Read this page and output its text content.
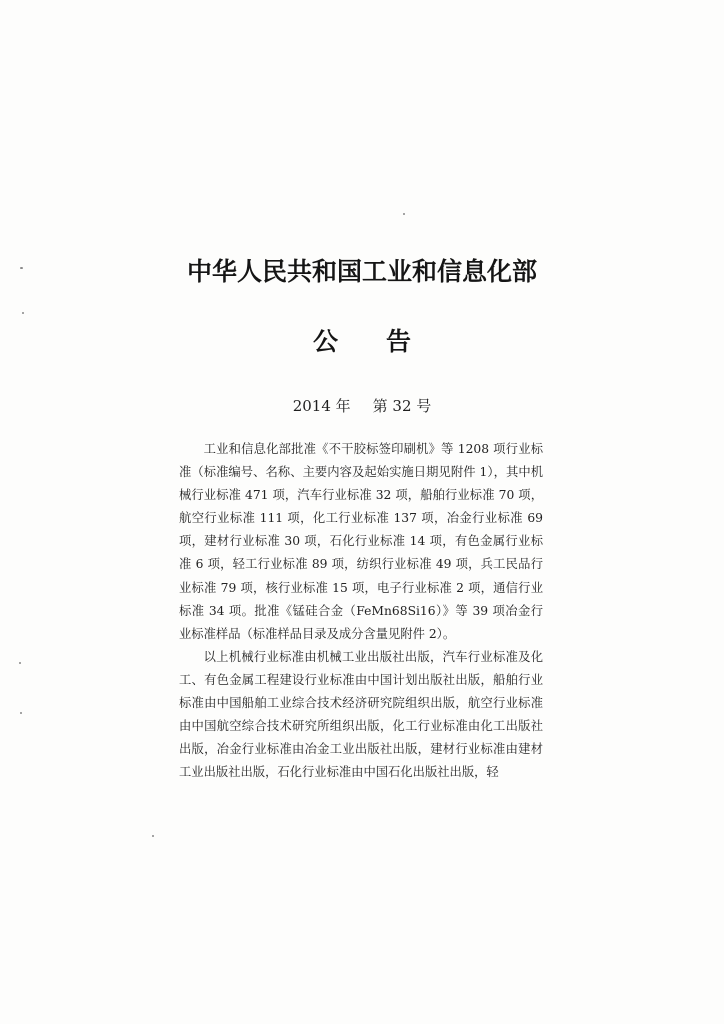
中华人民共和国工业和信息化部
公 告
2014 年 第 32 号

工业和信息化部批准《不干胶标签印刷机》等 1208 项行业标准（标准编号、名称、主要内容及起始实施日期见附件 1），其中机械行业标准 471 项，汽车行业标准 32 项，船舶行业标准 70 项，航空行业标准 111 项，化工行业标准 137 项，冶金行业标准 69 项，建材行业标准 30 项，石化行业标准 14 项，有色金属行业标准 6 项，轻工行业标准 89 项，纺织行业标准 49 项，兵工民品行业标准 79 项，核行业标准 15 项，电子行业标准 2 项，通信行业标准 34 项。批准《锰硅合金（FeMn68Si16）》等 39 项冶金行业标准样品（标准样品目录及成分含量见附件 2）。

以上机械行业标准由机械工业出版社出版，汽车行业标准及化工、有色金属工程建设行业标准由中国计划出版社出版，船舶行业标准由中国船舶工业综合技术经济研究院组织出版，航空行业标准由中国航空综合技术研究所组织出版，化工行业标准由化工出版社出版，冶金行业标准由冶金工业出版社出版，建材行业标准由建材工业出版社出版，石化行业标准由中国石化出版社出版，轻
